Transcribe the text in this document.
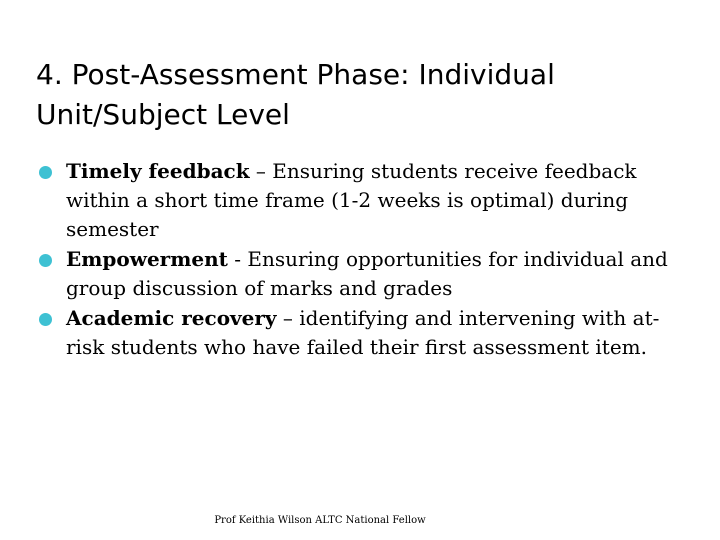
4. Post-Assessment Phase: Individual Unit/Subject Level
Timely feedback – Ensuring students receive feedback within a short time frame (1-2 weeks is optimal) during semester
Empowerment - Ensuring opportunities for individual and group discussion of marks and grades
Academic recovery – identifying and intervening with at-risk students who have failed their first assessment item.
Prof Keithia Wilson ALTC National Fellow
